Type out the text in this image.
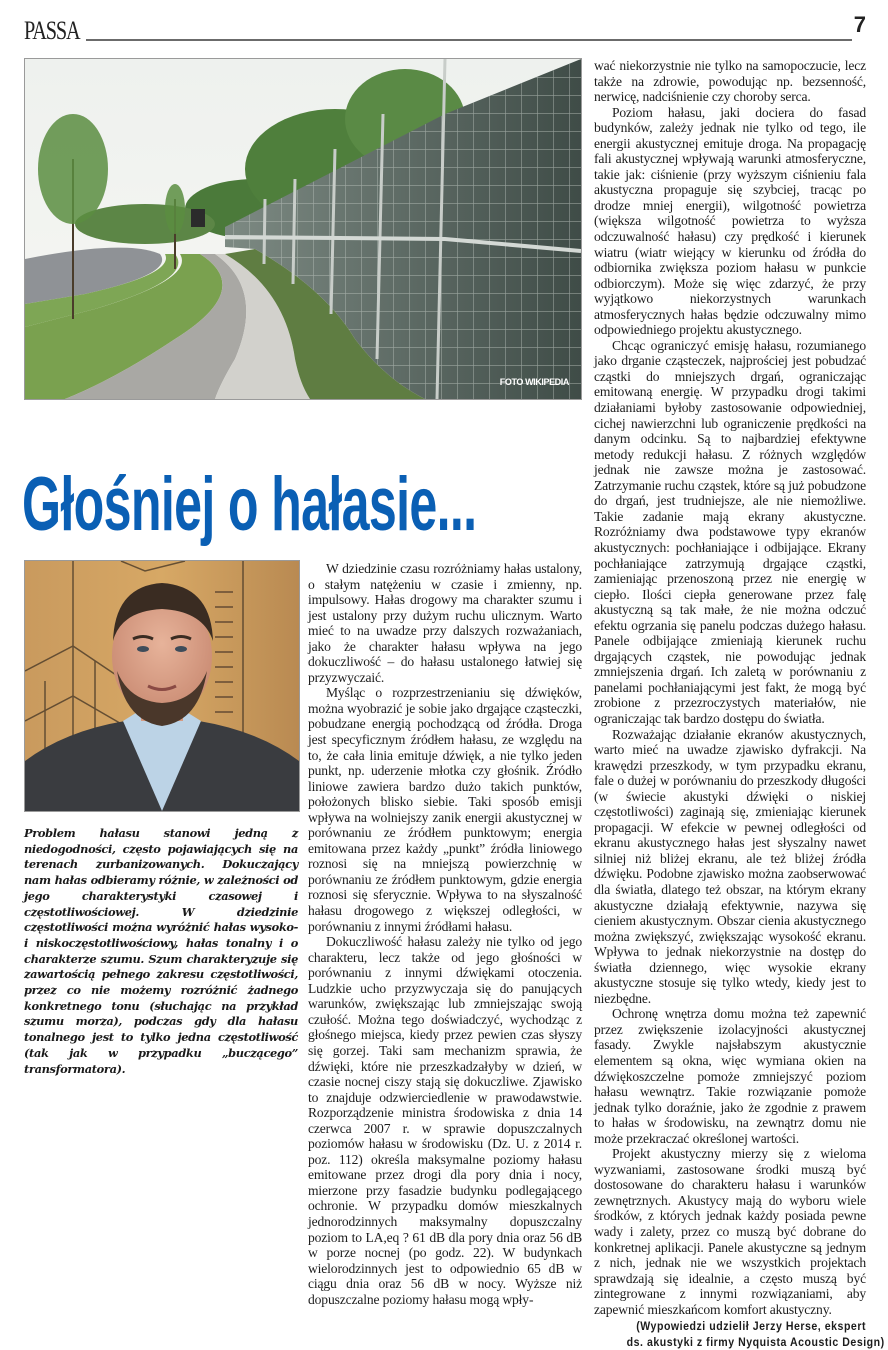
PASSA	7
FOTO WIKIPEDIA
Głośniej o hałasie...

Problem hałasu stanowi jedną z niedogodności, często pojawiających się na terenach zurbanizowanych. Dokuczający nam hałas odbieramy różnie, w zależności od jego charakterystyki czasowej i częstotliwościowej. W dziedzinie częstotliwości można wyróżnić hałas wysoko- i niskoczęstotliwościowy, hałas tonalny i o charakterze szumu. Szum charakteryzuje się zawartością pełnego zakresu częstotliwości, przez co nie możemy rozróżnić żadnego konkretnego tonu (słuchając na przykład szumu morza), podczas gdy dla hałasu tonalnego jest to tylko jedna częstotliwość (tak jak w przypadku „buczącego” transformatora).

W dziedzinie czasu rozróżniamy hałas ustalony, o stałym natężeniu w czasie i zmienny, np. impulsowy. Hałas drogowy ma charakter szumu i jest ustalony przy dużym ruchu ulicznym. Warto mieć to na uwadze przy dalszych rozważaniach, jako że charakter hałasu wpływa na jego dokuczliwość – do hałasu ustalonego łatwiej się przyzwyczaić.

Myśląc o rozprzestrzenianiu się dźwięków, można wyobrazić je sobie jako drgające cząsteczki, pobudzane energią pochodzącą od źródła. Droga jest specyficznym źródłem hałasu, ze względu na to, że cała linia emituje dźwięk, a nie tylko jeden punkt, np. uderzenie młotka czy głośnik. Źródło liniowe zawiera bardzo dużo takich punktów, położonych blisko siebie. Taki sposób emisji wpływa na wolniejszy zanik energii akustycznej w porównaniu ze źródłem punktowym; energia emitowana przez każdy „punkt” źródła liniowego roznosi się na mniejszą powierzchnię w porównaniu ze źródłem punktowym, gdzie energia roznosi się sferycznie. Wpływa to na słyszalność hałasu drogowego z większej odległości, w porównaniu z innymi źródłami hałasu.

Dokuczliwość hałasu zależy nie tylko od jego charakteru, lecz także od jego głośności w porównaniu z innymi dźwiękami otoczenia. Ludzkie ucho przyzwyczaja się do panujących warunków, zwiększając lub zmniejszając swoją czułość. Można tego doświadczyć, wychodząc z głośnego miejsca, kiedy przez pewien czas słyszy się gorzej. Taki sam mechanizm sprawia, że dźwięki, które nie przeszkadzałyby w dzień, w czasie nocnej ciszy stają się dokuczliwe. Zjawisko to znajduje odzwierciedlenie w prawodawstwie. Rozporządzenie ministra środowiska z dnia 14 czerwca 2007 r. w sprawie dopuszczalnych poziomów hałasu w środowisku (Dz. U. z 2014 r. poz. 112) określa maksymalne poziomy hałasu emitowane przez drogi dla pory dnia i nocy, mierzone przy fasadzie budynku podlegającego ochronie. W przypadku domów mieszkalnych jednorodzinnych maksymalny dopuszczalny poziom to LA,eq ? 61 dB dla pory dnia oraz 56 dB w porze nocnej (po godz. 22). W budynkach wielorodzinnych jest to odpowiednio 65 dB w ciągu dnia oraz 56 dB w nocy. Wyższe niż dopuszczalne poziomy hałasu mogą wpły-

wać niekorzystnie nie tylko na samopoczucie, lecz także na zdrowie, powodując np. bezsenność, nerwicę, nadciśnienie czy choroby serca.

Poziom hałasu, jaki dociera do fasad budynków, zależy jednak nie tylko od tego, ile energii akustycznej emituje droga. Na propagację fali akustycznej wpływają warunki atmosferyczne, takie jak: ciśnienie (przy wyższym ciśnieniu fala akustyczna propaguje się szybciej, tracąc po drodze mniej energii), wilgotność powietrza (większa wilgotność powietrza to wyższa odczuwalność hałasu) czy prędkość i kierunek wiatru (wiatr wiejący w kierunku od źródła do odbiornika zwiększa poziom hałasu w punkcie odbiorczym). Może się więc zdarzyć, że przy wyjątkowo niekorzystnych warunkach atmosferycznych hałas będzie odczuwalny mimo odpowiedniego projektu akustycznego.

Chcąc ograniczyć emisję hałasu, rozumianego jako drganie cząsteczek, najprościej jest pobudzać cząstki do mniejszych drgań, ograniczając emitowaną energię. W przypadku drogi takimi działaniami byłoby zastosowanie odpowiedniej, cichej nawierzchni lub ograniczenie prędkości na danym odcinku. Są to najbardziej efektywne metody redukcji hałasu. Z różnych względów jednak nie zawsze można je zastosować. Zatrzymanie ruchu cząstek, które są już pobudzone do drgań, jest trudniejsze, ale nie niemożliwe. Takie zadanie mają ekrany akustyczne. Rozróżniamy dwa podstawowe typy ekranów akustycznych: pochłaniające i odbijające. Ekrany pochłaniające zatrzymują drgające cząstki, zamieniając przenoszoną przez nie energię w ciepło. Ilości ciepła generowane przez falę akustyczną są tak małe, że nie można odczuć efektu ogrzania się panelu podczas dużego hałasu. Panele odbijające zmieniają kierunek ruchu drgających cząstek, nie powodując jednak zmniejszenia drgań. Ich zaletą w porównaniu z panelami pochłaniającymi jest fakt, że mogą być zrobione z przezroczystych materiałów, nie ograniczając tak bardzo dostępu do światła.

Rozważając działanie ekranów akustycznych, warto mieć na uwadze zjawisko dyfrakcji. Na krawędzi przeszkody, w tym przypadku ekranu, fale o dużej w porównaniu do przeszkody długości (w świecie akustyki dźwięki o niskiej częstotliwości) zaginają się, zmieniając kierunek propagacji. W efekcie w pewnej odległości od ekranu akustycznego hałas jest słyszalny nawet silniej niż bliżej ekranu, ale też bliżej źródła dźwięku. Podobne zjawisko można zaobserwować dla światła, dlatego też obszar, na którym ekrany akustyczne działają efektywnie, nazywa się cieniem akustycznym. Obszar cienia akustycznego można zwiększyć, zwiększając wysokość ekranu. Wpływa to jednak niekorzystnie na dostęp do światła dziennego, więc wysokie ekrany akustyczne stosuje się tylko wtedy, kiedy jest to niezbędne.

Ochronę wnętrza domu można też zapewnić przez zwiększenie izolacyjności akustycznej fasady. Zwykle najsłabszym akustycznie elementem są okna, więc wymiana okien na dźwiękoszczelne pomoże zmniejszyć poziom hałasu wewnątrz. Takie rozwiązanie pomoże jednak tylko doraźnie, jako że zgodnie z prawem to hałas w środowisku, na zewnątrz domu nie może przekraczać określonej wartości.

Projekt akustyczny mierzy się z wieloma wyzwaniami, zastosowane środki muszą być dostosowane do charakteru hałasu i warunków zewnętrznych. Akustycy mają do wyboru wiele środków, z których jednak każdy posiada pewne wady i zalety, przez co muszą być dobrane do konkretnej aplikacji. Panele akustyczne są jednym z nich, jednak nie we wszystkich projektach sprawdzają się idealnie, a często muszą być zintegrowane z innymi rozwiązaniami, aby zapewnić mieszkańcom komfort akustyczny.

(Wypowiedzi udzielił Jerzy Herse, ekspert
ds. akustyki z firmy Nyquista Acoustic Design)
